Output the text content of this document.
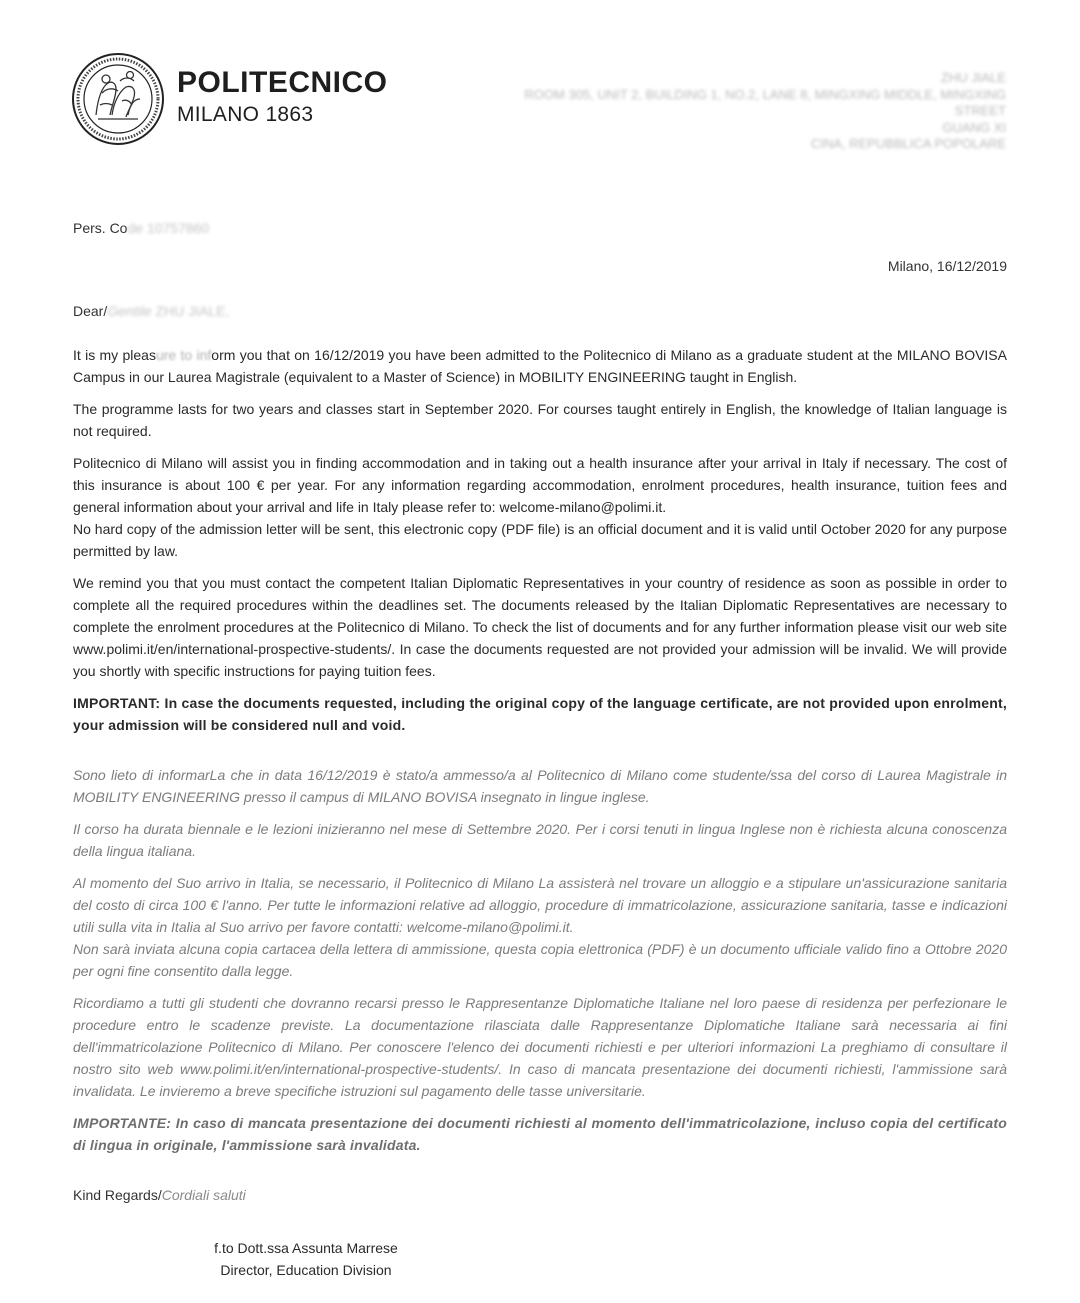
POLITECNICO
MILANO 1863
ZHU JIALE
ROOM 305, UNIT 2, BUILDING 1, NO.2, LANE 8, MINGXING MIDDLE, MINGXING
STREET
GUANG XI
CINA, REPUBBLICA POPOLARE
Pers. Code 10757860
Milano, 16/12/2019
Dear/Gentile ZHU JIALE,

It is my pleasure to inform you that on 16/12/2019 you have been admitted to the Politecnico di Milano as a graduate student at the MILANO BOVISA Campus in our Laurea Magistrale (equivalent to a Master of Science) in MOBILITY ENGINEERING taught in English.

The programme lasts for two years and classes start in September 2020. For courses taught entirely in English, the knowledge of Italian language is not required.

Politecnico di Milano will assist you in finding accommodation and in taking out a health insurance after your arrival in Italy if necessary. The cost of this insurance is about 100 € per year. For any information regarding accommodation, enrolment procedures, health insurance, tuition fees and general information about your arrival and life in Italy please refer to: welcome-milano@polimi.it.

No hard copy of the admission letter will be sent, this electronic copy (PDF file) is an official document and it is valid until October 2020 for any purpose permitted by law.

We remind you that you must contact the competent Italian Diplomatic Representatives in your country of residence as soon as possible in order to complete all the required procedures within the deadlines set. The documents released by the Italian Diplomatic Representatives are necessary to complete the enrolment procedures at the Politecnico di Milano. To check the list of documents and for any further information please visit our web site www.polimi.it/en/international-prospective-students/. In case the documents requested are not provided your admission will be invalid. We will provide you shortly with specific instructions for paying tuition fees.

IMPORTANT: In case the documents requested, including the original copy of the language certificate, are not provided upon enrolment, your admission will be considered null and void.

Sono lieto di informarLa che in data 16/12/2019 è stato/a ammesso/a al Politecnico di Milano come studente/ssa del corso di Laurea Magistrale in MOBILITY ENGINEERING presso il campus di MILANO BOVISA insegnato in lingue inglese.

Il corso ha durata biennale e le lezioni inizieranno nel mese di Settembre 2020. Per i corsi tenuti in lingua Inglese non è richiesta alcuna conoscenza della lingua italiana.

Al momento del Suo arrivo in Italia, se necessario, il Politecnico di Milano La assisterà nel trovare un alloggio e a stipulare un'assicurazione sanitaria del costo di circa 100 € l'anno. Per tutte le informazioni relative ad alloggio, procedure di immatricolazione, assicurazione sanitaria, tasse e indicazioni utili sulla vita in Italia al Suo arrivo per favore contatti: welcome-milano@polimi.it.

Non sarà inviata alcuna copia cartacea della lettera di ammissione, questa copia elettronica (PDF) è un documento ufficiale valido fino a Ottobre 2020 per ogni fine consentito dalla legge.

Ricordiamo a tutti gli studenti che dovranno recarsi presso le Rappresentanze Diplomatiche Italiane nel loro paese di residenza per perfezionare le procedure entro le scadenze previste. La documentazione rilasciata dalle Rappresentanze Diplomatiche Italiane sarà necessaria ai fini dell'immatricolazione Politecnico di Milano. Per conoscere l'elenco dei documenti richiesti e per ulteriori informazioni La preghiamo di consultare il nostro sito web www.polimi.it/en/international-prospective-students/. In caso di mancata presentazione dei documenti richiesti, l'ammissione sarà invalidata. Le invieremo a breve specifiche istruzioni sul pagamento delle tasse universitarie.

IMPORTANTE: In caso di mancata presentazione dei documenti richiesti al momento dell'immatricolazione, incluso copia del certificato di lingua in originale, l'ammissione sarà invalidata.

Kind Regards/Cordiali saluti
f.to Dott.ssa Assunta Marrese
Director, Education Division
